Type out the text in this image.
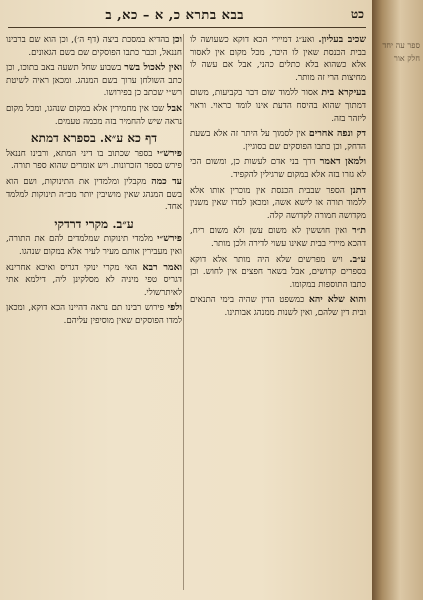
בבא בתרא כ, א – כא, ב	כט
שכיב בעליון. ואע״ג דמיירי הכא דוקא כשעושה לו בבית הכנסת שאין לו היכר, מכל מקום אין לאסור אלא כשהוא בלא כתלים כהני, אבל אם עשה לו מחיצות הרי זה מותר.
בעיקרא בית אסור ללמוד שום דבר בקביעות, משום דמתוך שהוא בהיסח הדעת אינו לומד כראוי. וראוי ליזהר בזה.
דק ונפה אחרים אין לסמוך על היתר זה אלא בשעת הדחק, וכן כתבו הפוסקים שם בסוגיין.
ולמאן דאמר דרך בני אדם לעשות כן, ומשום הכי לא גזרו בזה אלא במקום שרגילין להקפיד.
דתנן הספר שבבית הכנסת אין מוכרין אותו אלא ללמוד תורה או לישא אשה, ומכאן למדו שאין משנין מקדושה חמורה לקדושה קלה.
ת״ר ואין חוששין לא משום עשן ולא משום ריח, דהכא מיירי בבית שאינו עשוי לדירה ולכן מותר.
ע״ב. ויש מפרשים שלא היה מותר אלא דוקא בספרים קדושים, אבל בשאר חפצים אין לחוש. וכן כתבו התוספות במקומו.
והוא שלא יהא כמשפט הדין שהיה בימי התנאים ובית דין שלהם, ואין לשנות ממנהג אבותינו.
וכן בהדיא במסכת ביצה (דף ה׳), וכן הוא שם ברבינו חננאל, וכבר כתבו הפוסקים שם בשם הגאונים.
ואין לאכול בשר בשבוע שחל תשעה באב בתוכו, וכן כתב השולחן ערוך בשם המנהג. ומכאן ראיה לשיטת רש״י שכתב כן בפירושו.
אבל שבו אין מחמירין אלא במקום שנהגו, ומכל מקום נראה שיש להחמיר בזה מכמה טעמים.
דף כא ע״א. בספרא דמתא
פירש״י בספר שכתוב בו דיני המתא, ורבינו חננאל פירש בספר הזכרונות. ויש אומרים שהוא ספר תורה.
עד כמה מקבלין ומלמדין את התינוקות, ושם הוא בשם המנהג שאין מושיבין יותר מכ״ה תינוקות למלמד אחד.
ע״ב. מקרי דרדקי
פירש״י מלמדי תינוקות שמלמדים להם את התורה, ואין מעבירין אותם מעיר לעיר אלא במקום שנהגו.
ואמר רבא האי מקרי ינוקי דגריס ואיכא אחרינא דגריס טפי מיניה לא מסלקינן ליה, דילמא אתי לאיתרשולי.
ולפי פירוש רבינו תם נראה דהיינו הכא דוקא, ומכאן למדו הפוסקים שאין מוסיפין עליהם.
ספר עה יחד חלק אור
